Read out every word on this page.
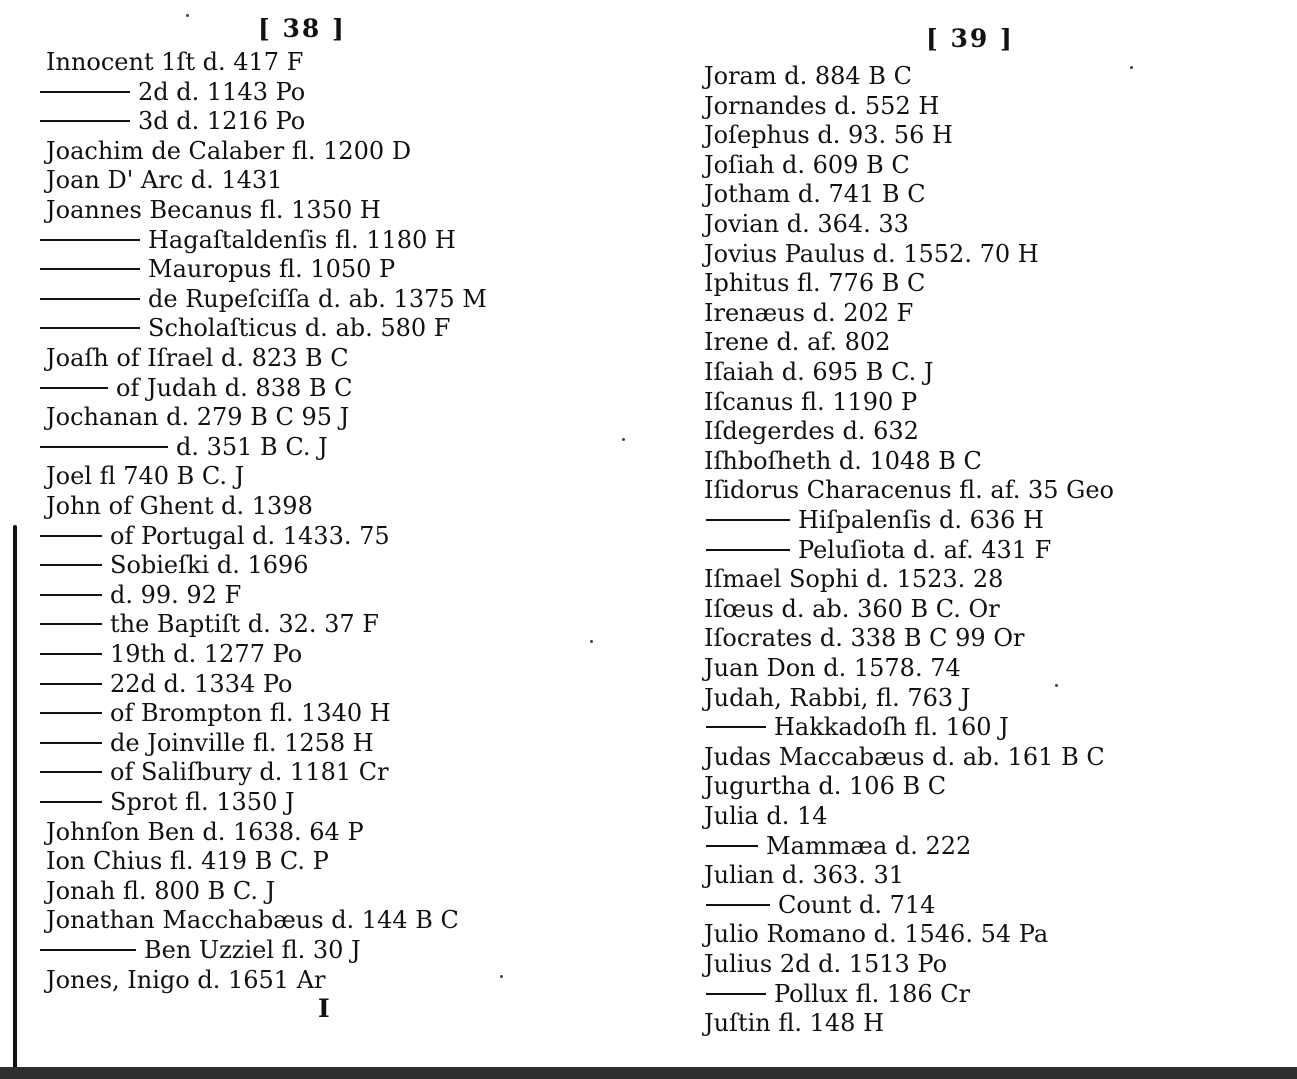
[ 38 ]	[ 39 ]
Innocent 1ſt d. 417 F
2d d. 1143 Po
3d d. 1216 Po
Joachim de Calaber fl. 1200 D
Joan D' Arc d. 1431
Joannes Becanus fl. 1350 H
Hagaſtaldenſis fl. 1180 H
Mauropus fl. 1050 P
de Rupeſciſſa d. ab. 1375 M
Scholaſticus d. ab. 580 F
Joaſh of Iſrael d. 823 B C
of Judah d. 838 B C
Jochanan d. 279 B C 95 J
d. 351 B C. J
Joel fl 740 B C. J
John of Ghent d. 1398
of Portugal d. 1433. 75
Sobieſki d. 1696
d. 99. 92 F
the Baptiſt d. 32. 37 F
19th d. 1277 Po
22d d. 1334 Po
of Brompton fl. 1340 H
de Joinville fl. 1258 H
of Saliſbury d. 1181 Cr
Sprot fl. 1350 J
Johnſon Ben d. 1638. 64 P
Ion Chius fl. 419 B C. P
Jonah fl. 800 B C. J
Jonathan Macchabæus d. 144 B C
Ben Uzziel fl. 30 J
Jones, Inigo d. 1651 Ar
Joram d. 884 B C
Jornandes d. 552 H
Joſephus d. 93. 56 H
Joſiah d. 609 B C
Jotham d. 741 B C
Jovian d. 364. 33
Jovius Paulus d. 1552. 70 H
Iphitus fl. 776 B C
Irenæus d. 202 F
Irene d. af. 802
Iſaiah d. 695 B C. J
Iſcanus fl. 1190 P
Iſdegerdes d. 632
Iſhboſheth d. 1048 B C
Iſidorus Characenus fl. af. 35 Geo
Hiſpalenſis d. 636 H
Peluſiota d. af. 431 F
Iſmael Sophi d. 1523. 28
Iſœus d. ab. 360 B C. Or
Iſocrates d. 338 B C 99 Or
Juan Don d. 1578. 74
Judah, Rabbi, fl. 763 J
Hakkadoſh fl. 160 J
Judas Maccabæus d. ab. 161 B C
Jugurtha d. 106 B C
Julia d. 14
Mammæa d. 222
Julian d. 363. 31
Count d. 714
Julio Romano d. 1546. 54 Pa
Julius 2d d. 1513 Po
Pollux fl. 186 Cr
Juſtin fl. 148 H
I
